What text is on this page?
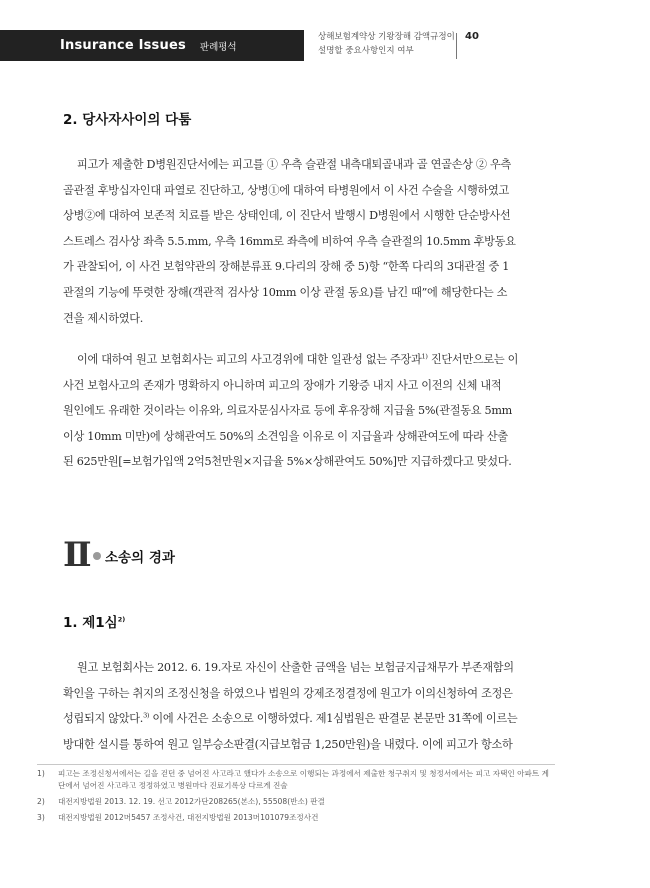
Insurance Issues 판례평석
상해보험계약상 기왕장해 감액규정이
설명할 중요사항인지 여부
40
2. 당사자사이의 다툼
피고가 제출한 D병원진단서에는 피고를 ① 우측 슬관절 내측대퇴골내과 골 연골손상 ② 우측
골관절 후방십자인대 파열로 진단하고, 상병①에 대하여 타병원에서 이 사건 수술을 시행하였고
상병②에 대하여 보존적 치료를 받은 상태인데, 이 진단서 발행시 D병원에서 시행한 단순방사선
스트레스 검사상 좌측 5.5.mm, 우측 16mm로 좌측에 비하여 우측 슬관절의 10.5mm 후방동요
가 관찰되어, 이 사건 보험약관의 장해분류표 9.다리의 장해 중 5)항 “한쪽 다리의 3대관절 중 1
관절의 기능에 뚜렷한 장해(객관적 검사상 10mm 이상 관절 동요)를 남긴 때”에 해당한다는 소
견을 제시하였다.
이에 대하여 원고 보험회사는 피고의 사고경위에 대한 일관성 없는 주장과$^{1)}$ 진단서만으로는 이
사건 보험사고의 존재가 명확하지 아니하며 피고의 장애가 기왕증 내지 사고 이전의 신체 내적
원인에도 유래한 것이라는 이유와, 의료자문심사자료 등에 후유장해 지급율 5%(관절동요 5mm
이상 10mm 미만)에 상해관여도 50%의 소견임을 이유로 이 지급율과 상해관여도에 따라 산출
된 625만원[=보험가입액 2억5천만원×지급율 5%×상해관여도 50%]만 지급하겠다고 맞섰다.
Ⅱ 소송의 경과
1. 제1심$^{2)}$
원고 보험회사는 2012. 6. 19.자로 자신이 산출한 금액을 넘는 보험금지급채무가 부존재함의
확인을 구하는 취지의 조정신청을 하였으나 법원의 강제조정결정에 원고가 이의신청하여 조정은
성립되지 않았다.$^{3)}$ 이에 사건은 소송으로 이행하였다. 제1심법원은 판결문 본문만 31쪽에 이르는
방대한 설시를 통하여 원고 일부승소판결(지급보험금 1,250만원)을 내렸다. 이에 피고가 항소하
1) 피고는 조정신청서에서는 길을 걷던 중 넘어진 사고라고 했다가 소송으로 이행되는 과정에서 제출한 청구취지 및 청정서에서는 피고 자택인 아파트 계단에서 넘어진 사고라고 정정하였고 병원마다 진료기록상 다르게 진술
2) 대전지방법원 2013. 12. 19. 선고 2012가단208265(본소), 55508(반소) 판결
3) 대전지방법원 2012머5457 조정사건, 대전지방법원 2013머101079조정사건
